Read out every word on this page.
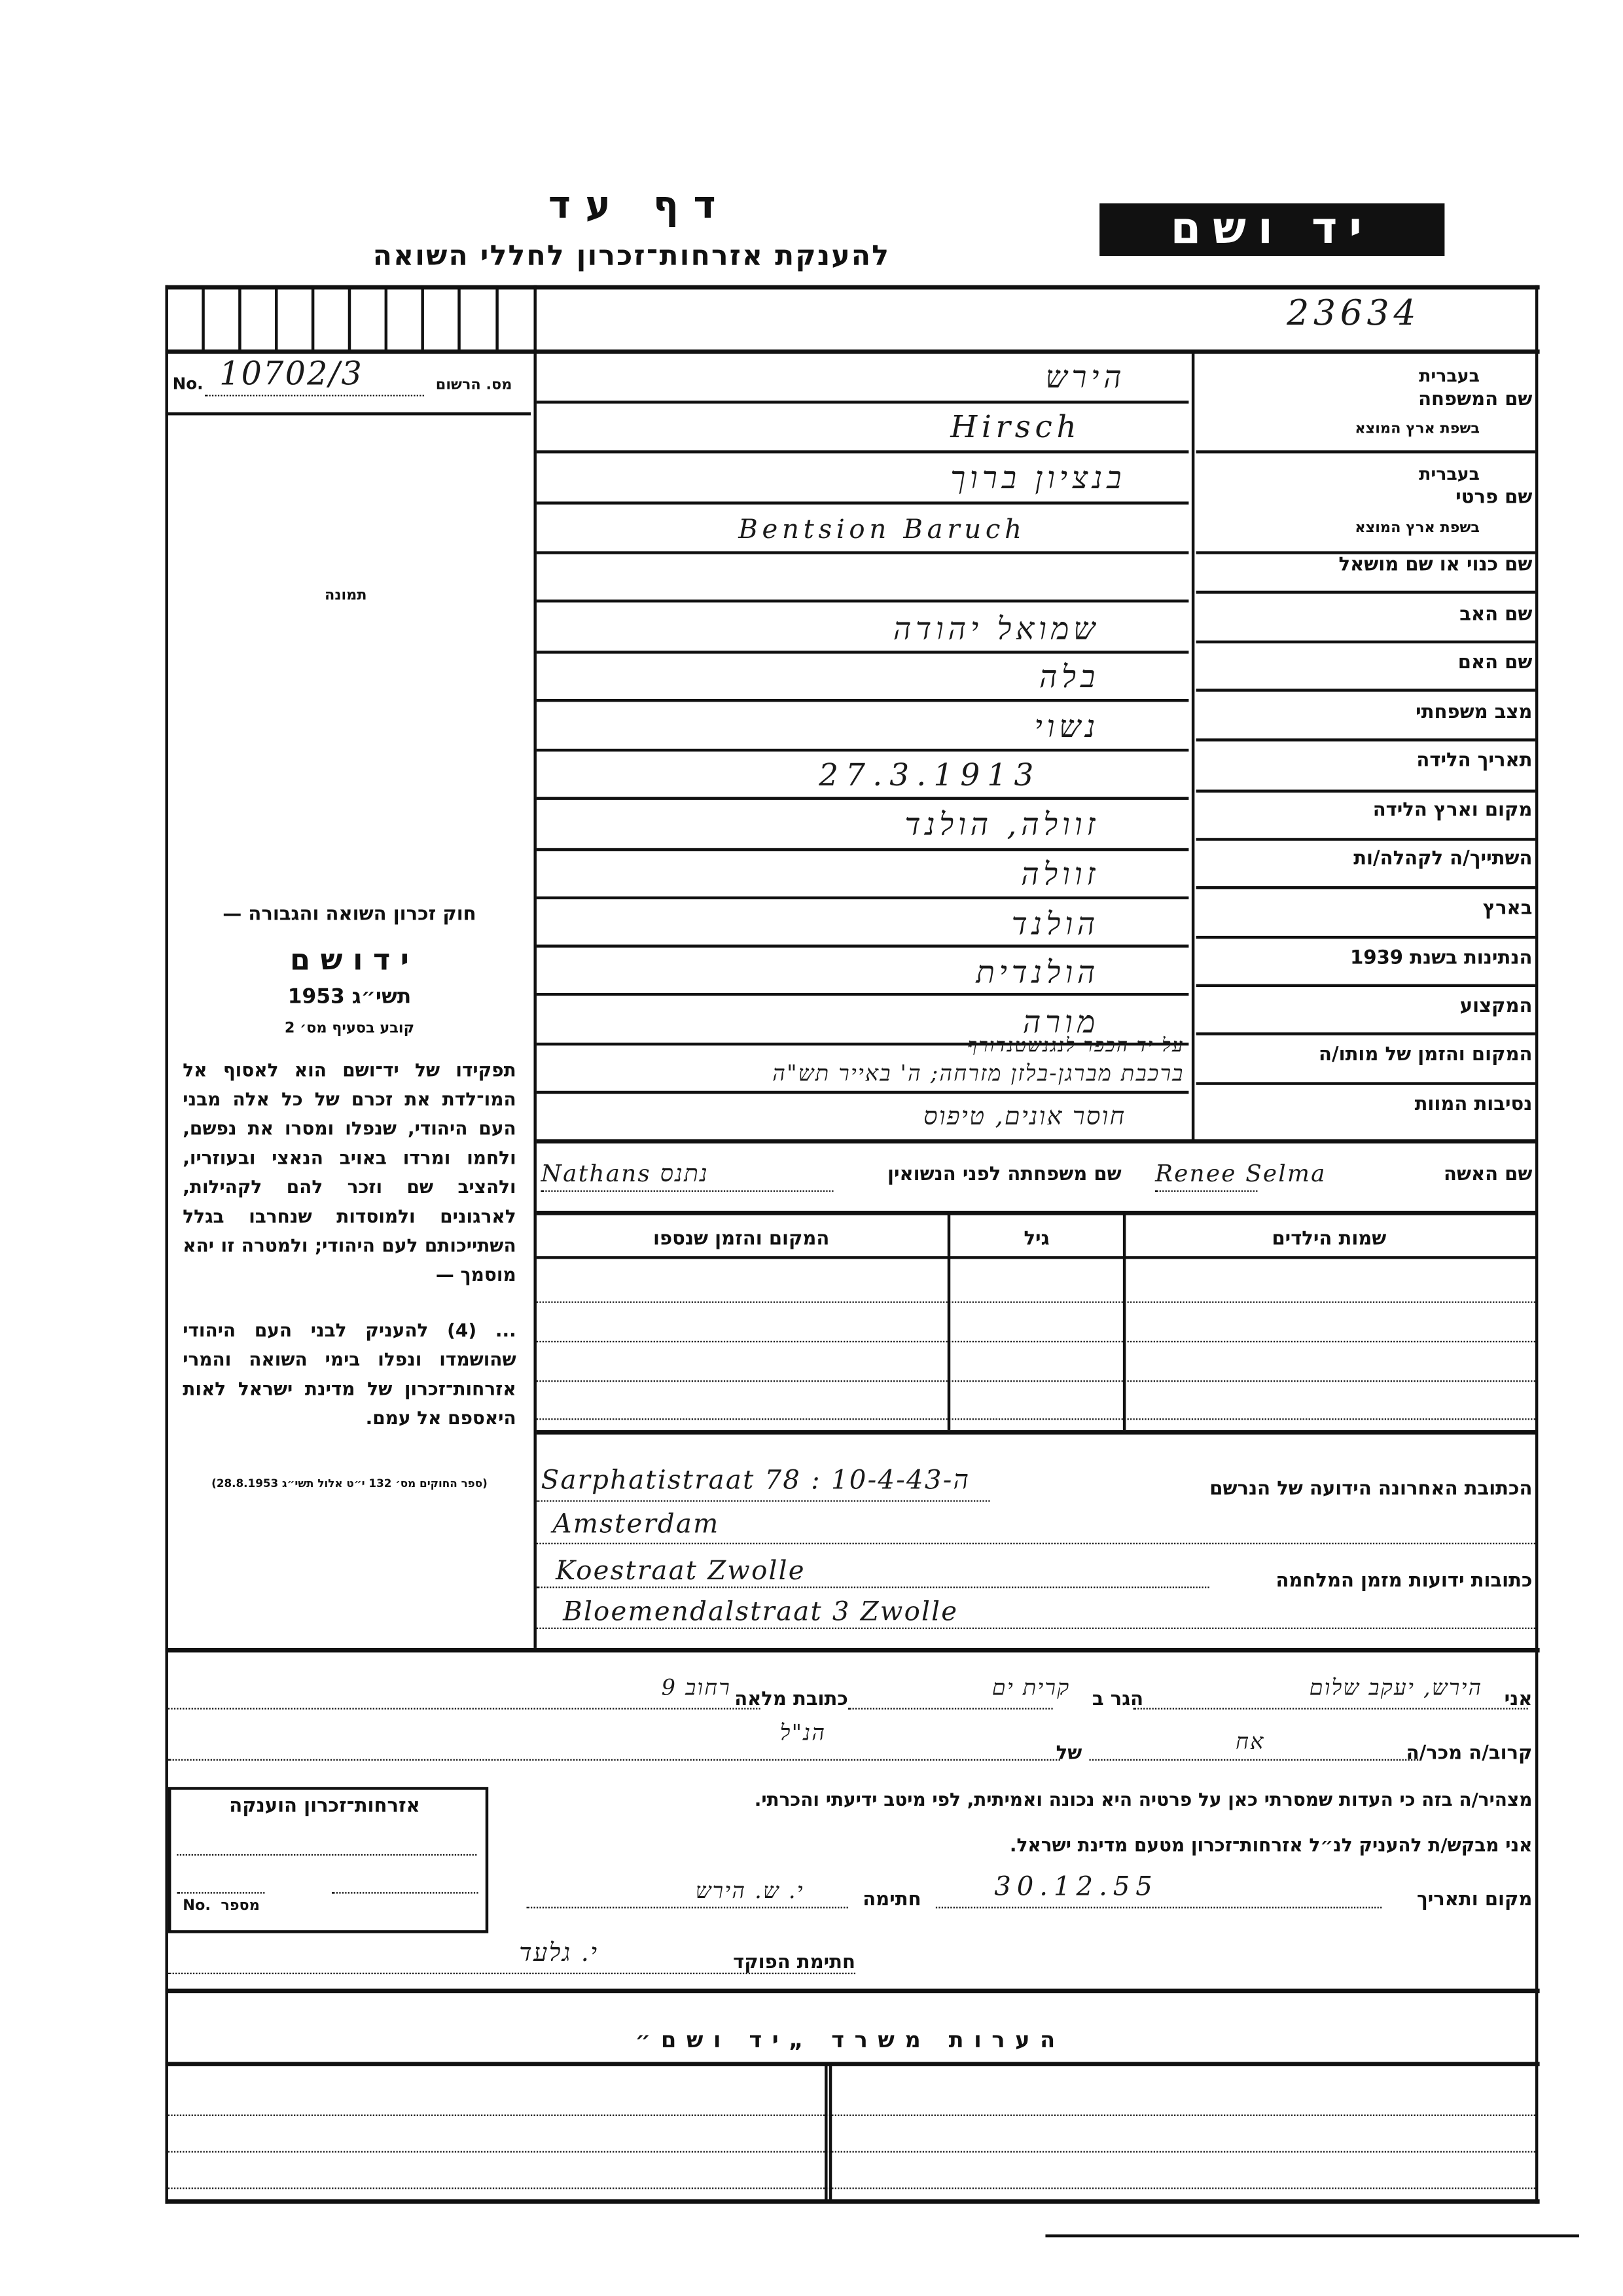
דף עד
להענקת אזרחות־זכרון לחללי השואה
יד ושם
23634
No. 10702/3	מס. הרשום
תמונה
בעברית
שם המשפחה
בשפת ארץ המוצא
בעברית
שם פרטי
בשפת ארץ המוצא
שם כנוי או שם מושאל
שם האב
שם האם
מצב משפחתי
תאריך הלידה
מקום וארץ הלידה
השתייך/ה לקהלה/ות
בארץ
הנתינות בשנת 1939
המקצוע
המקום והזמן של מותו/ה
נסיבות המוות
הירש
Hirsch
בנציון ברוך
Bentsion Baruch
שמואל יהודה
בלה
נשוי
27.3.1913
זוולה, הולנד
זוולה
הולנד
הולנדית
מורה
על יד הכפר לנגנשטנדורף
ברכבת מברגן-בלזן מזרחה; ה' באייר תש"ה
חוסר אונים, טיפוס
חוק זכרון השואה והגבורה —
י ד ו ש ם
תשי״ג 1953
קובע בסעיף מס׳ 2
תפקידו של יד־ושם הוא לאסוף אל המו־לדת את זכרם של כל אלה מבני העם היהודי, שנפלו ומסרו את נפשם, ולחמו ומרדו באויב הנאצי ובעוזריו, ולהציב שם וזכר להם לקהילות, לארגונים ולמוסדות שנחרבו בגלל השתייכותם לעם היהודי; ולמטרה זו יהא מוסמך —
... (4) להעניק לבני העם היהודי שהושמדו ונפלו בימי השואה והמרי אזרחות־זכרון של מדינת ישראל לאות היאספם אל עמם.
(ספר החוקים מס׳ 132 י״ט אלול תשי״ג 28.8.1953)
שם האשה
Renee Selma
שם משפחתה לפני הנשואין
Nathans נתנס
שמות הילדים
גיל
המקום והזמן שנספו
הכתובת האחרונה הידועה של הנרשם
Sarphatistraat 78 : 10-4-43-ה
Amsterdam
כתובות ידועות מזמן המלחמה
Koestraat Zwolle
Bloemendalstraat 3 Zwolle
אני
הירש, יעקב שלום
הגר ב
קרית ים
כתובת מלאה
רחוב 9
קרוב/ה מכר/ה
אח
של
הנ"ל
מצהיר/ה בזה כי העדות שמסרתי כאן על פרטיה היא נכונה ואמיתית, לפי מיטב ידיעתי והכרתי.
אני מבקש/ת להעניק לנ״ל אזרחות־זכרון מטעם מדינת ישראל.
מקום ותאריך
30.12.55
חתימה
י. ש. הירש
חתימת הפוקד
י. גלעד
אזרחות־זכרון הוענקה
No. מספר
הערות משרד „יד ושם״
